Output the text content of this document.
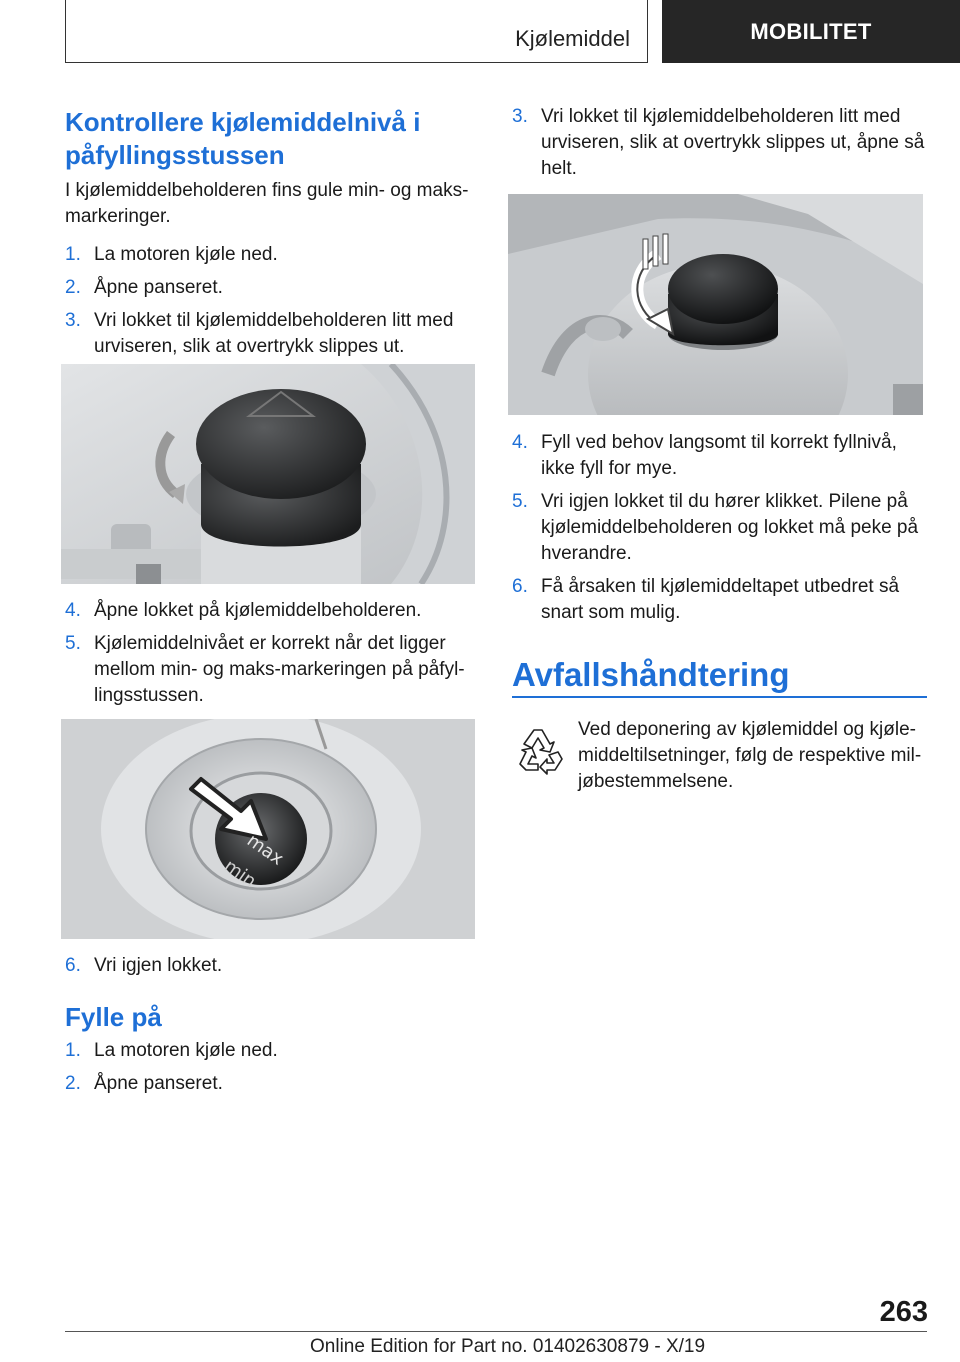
Kjølemiddel	MOBILITET
Kontrollere kjølemiddelnivå i påfyllingsstussen

I kjølemiddelbeholderen fins gule min- og maks-markeringer.

1. La motoren kjøle ned.
2. Åpne panseret.
3. Vri lokket til kjølemiddelbeholderen litt med urviseren, slik at overtrykk slippes ut.
4. Åpne lokket på kjølemiddelbeholderen.
5. Kjølemiddelnivået er korrekt når det ligger mellom min- og maks-markeringen på påfyl-lingsstussen.
max
min
6. Vri igjen lokket.
Fylle på
1. La motoren kjøle ned.
2. Åpne panseret.
3. Vri lokket til kjølemiddelbeholderen litt med urviseren, slik at overtrykk slippes ut, åpne så helt.
4. Fyll ved behov langsomt til korrekt fyllnivå, ikke fyll for mye.
5. Vri igjen lokket til du hører klikket. Pilene på kjølemiddelbeholderen og lokket må peke på hverandre.
6. Få årsaken til kjølemiddeltapet utbedret så snart som mulig.
Avfallshåndtering

Ved deponering av kjølemiddel og kjøle-middeltilsetninger, følg de respektive mil-jøbestemmelsene.

263
Online Edition for Part no. 01402630879 - X/19
